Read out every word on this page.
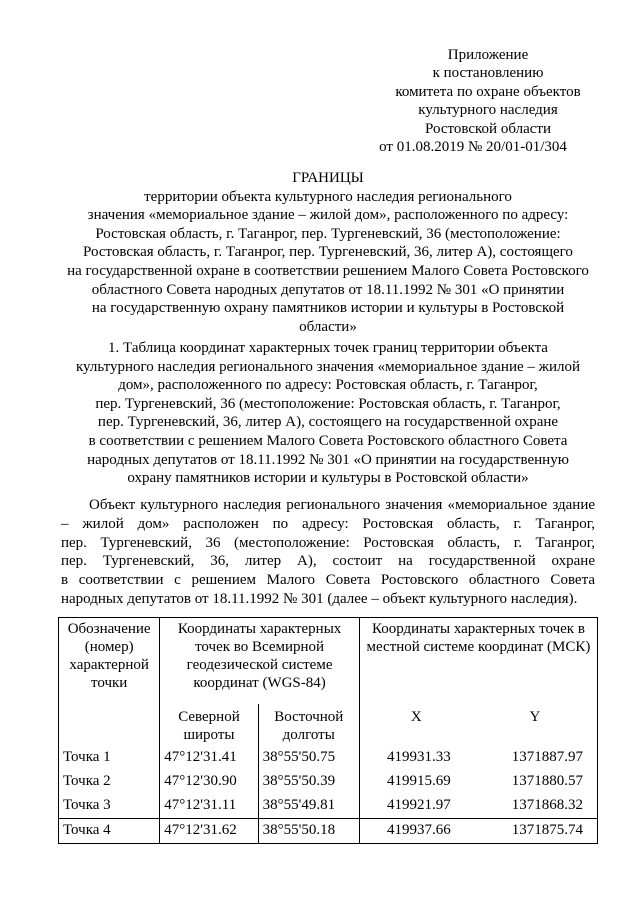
Приложение
к постановлению
комитета по охране объектов
культурного наследия
Ростовской области
от 01.08.2019 № 20/01-01/304
ГРАНИЦЫ
территории объекта культурного наследия регионального
значения «мемориальное здание – жилой дом», расположенного по адресу:
Ростовская область, г. Таганрог, пер. Тургеневский, 36 (местоположение:
Ростовская область, г. Таганрог, пер. Тургеневский, 36, литер А), состоящего
на государственной охране в соответствии решением Малого Совета Ростовского
областного Совета народных депутатов от 18.11.1992 № 301 «О принятии
на государственную охрану памятников истории и культуры в Ростовской
области»
1. Таблица координат характерных точек границ территории объекта
культурного наследия регионального значения «мемориальное здание – жилой
дом», расположенного по адресу: Ростовская область, г. Таганрог,
пер. Тургеневский, 36 (местоположение: Ростовская область, г. Таганрог,
пер. Тургеневский, 36, литер А), состоящего на государственной охране
в соответствии с решением Малого Совета Ростовского областного Совета
народных депутатов от 18.11.1992 № 301 «О принятии на государственную
охрану памятников истории и культуры в Ростовской области»
Объект культурного наследия регионального значения «мемориальное здание
– жилой дом» расположен по адресу: Ростовская область, г. Таганрог,
пер. Тургеневский, 36 (местоположение: Ростовская область, г. Таганрог,
пер. Тургеневский, 36, литер А), состоит на государственной охране
в соответствии с решением Малого Совета Ростовского областного Совета
народных депутатов от 18.11.1992 № 301 (далее – объект культурного наследия).
Обозначение (номер) характерной точки	Координаты характерных точек во Всемирной геодезической системе координат (WGS-84)		Координаты характерных точек в местной системе координат (МСК)	
	Северной широты	Восточной долготы	X	Y
Точка 1	47°12'31.41	38°55'50.75	419931.33	1371887.97
Точка 2	47°12'30.90	38°55'50.39	419915.69	1371880.57
Точка 3	47°12'31.11	38°55'49.81	419921.97	1371868.32
Точка 4	47°12'31.62	38°55'50.18	419937.66	1371875.74
